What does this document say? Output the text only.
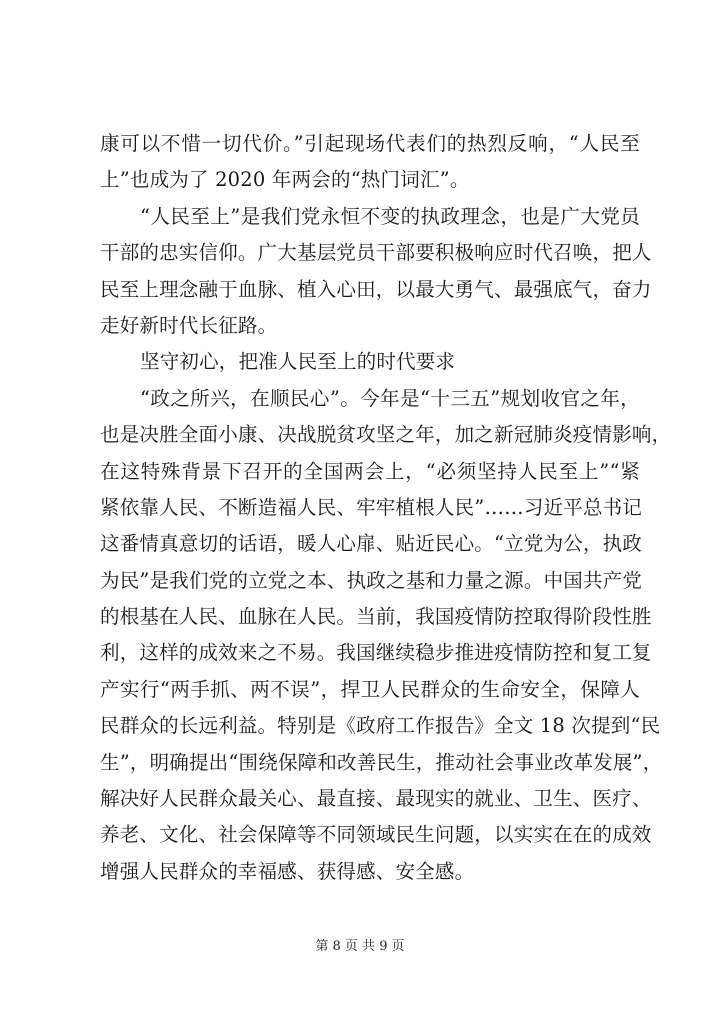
康可以不惜一切代价。”引起现场代表们的热烈反响，“人民至
上”也成为了 2020 年两会的“热门词汇”。
“人民至上”是我们党永恒不变的执政理念，也是广大党员
干部的忠实信仰。广大基层党员干部要积极响应时代召唤，把人
民至上理念融于血脉、植入心田，以最大勇气、最强底气，奋力
走好新时代长征路。
坚守初心，把准人民至上的时代要求
“政之所兴，在顺民心”。今年是“十三五”规划收官之年，
也是决胜全面小康、决战脱贫攻坚之年，加之新冠肺炎疫情影响，
在这特殊背景下召开的全国两会上，“必须坚持人民至上”“紧
紧依靠人民、不断造福人民、牢牢植根人民”……习近平总书记
这番情真意切的话语，暖人心扉、贴近民心。“立党为公，执政
为民”是我们党的立党之本、执政之基和力量之源。中国共产党
的根基在人民、血脉在人民。当前，我国疫情防控取得阶段性胜
利，这样的成效来之不易。我国继续稳步推进疫情防控和复工复
产实行“两手抓、两不误”，捍卫人民群众的生命安全，保障人
民群众的长远利益。特别是《政府工作报告》全文 18 次提到“民
生”，明确提出“围绕保障和改善民生，推动社会事业改革发展”，
解决好人民群众最关心、最直接、最现实的就业、卫生、医疗、
养老、文化、社会保障等不同领域民生问题，以实实在在的成效
增强人民群众的幸福感、获得感、安全感。
第 8 页 共 9 页
